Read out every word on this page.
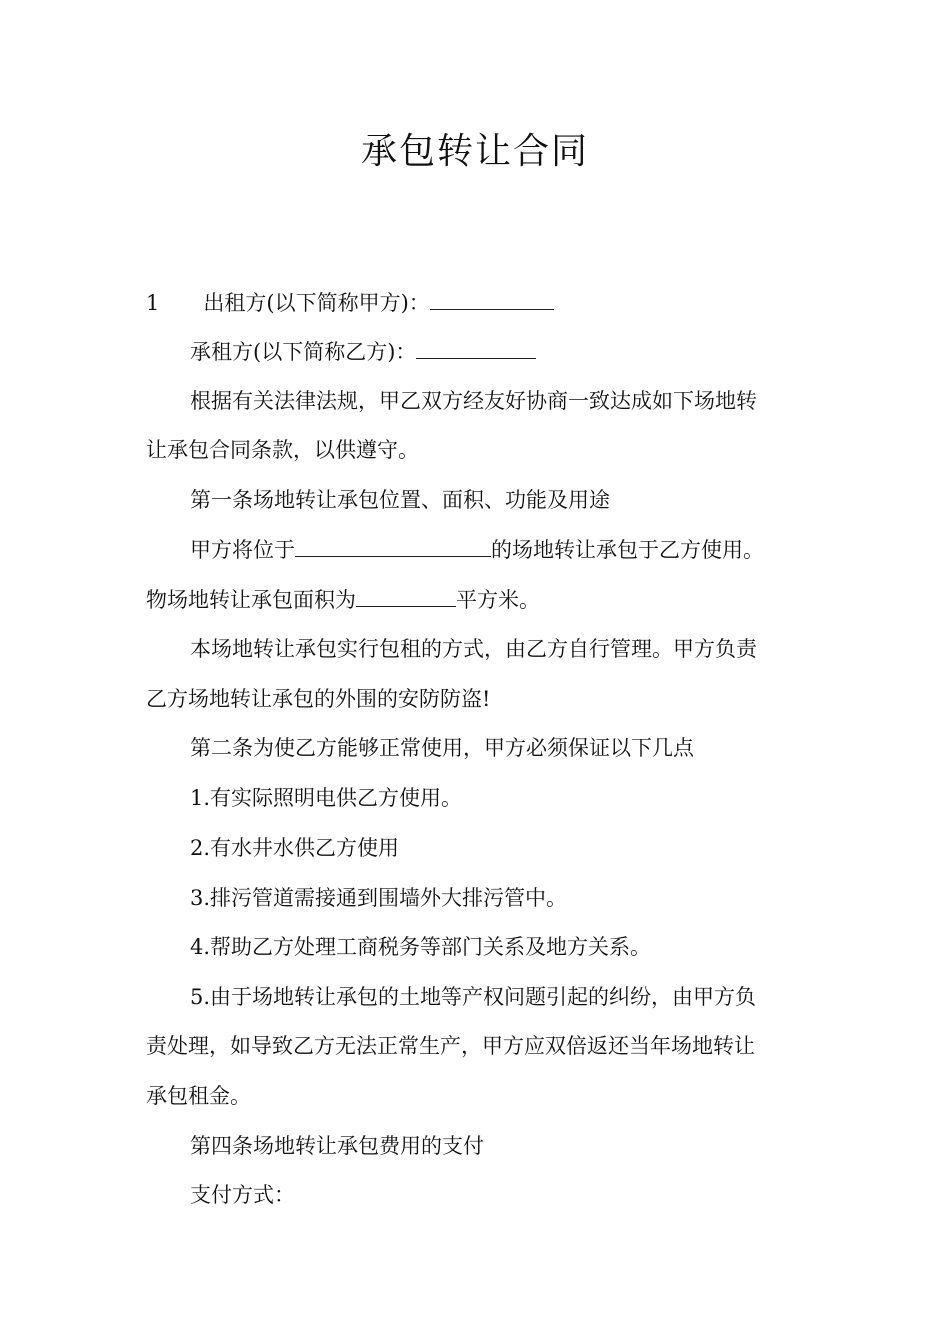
承包转让合同
1 出租方(以下简称甲方)：
承租方(以下简称乙方)：
根据有关法律法规，甲乙双方经友好协商一致达成如下场地转
让承包合同条款，以供遵守。
第一条场地转让承包位置、面积、功能及用途
甲方将位于	的场地转让承包于乙方使用。
物场地转让承包面积为	平方米。
本场地转让承包实行包租的方式，由乙方自行管理。甲方负责
乙方场地转让承包的外围的安防防盗!
第二条为使乙方能够正常使用，甲方必须保证以下几点
1.有实际照明电供乙方使用。
2.有水井水供乙方使用
3.排污管道需接通到围墙外大排污管中。
4.帮助乙方处理工商税务等部门关系及地方关系。
5.由于场地转让承包的土地等产权问题引起的纠纷，由甲方负
责处理，如导致乙方无法正常生产，甲方应双倍返还当年场地转让
承包租金。
第四条场地转让承包费用的支付
支付方式：
